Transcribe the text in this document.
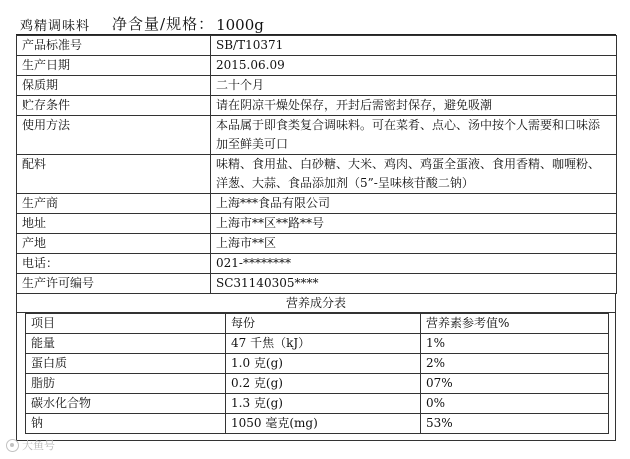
鸡精调味料 净含量/规格： 1000g
产品标准号	SB/T10371
生产日期	2015.06.09
保质期	二十个月
贮存条件	请在阴凉干燥处保存，开封后需密封保存，避免吸潮
使用方法	本品属于即食类复合调味料。可在菜肴、点心、汤中按个人需要和口味添加至鲜美可口
配料	味精、食用盐、白砂糖、大米、鸡肉、鸡蛋全蛋液、食用香精、咖喱粉、洋葱、大蒜、食品添加剂（5”-呈味核苷酸二钠）
生产商	上海***食品有限公司
地址	上海市**区**路**号
产地	上海市**区
电话：	021-********
生产许可编号	SC31140305****
营养成分表
项目	每份	营养素参考值%
能量	47 千焦（kJ）	1%
蛋白质	1.0 克(g)	2%
脂肪	0.2 克(g)	07%
碳水化合物	1.3 克(g)	0%
钠	1050 毫克(mg)	53%
大鱼号
